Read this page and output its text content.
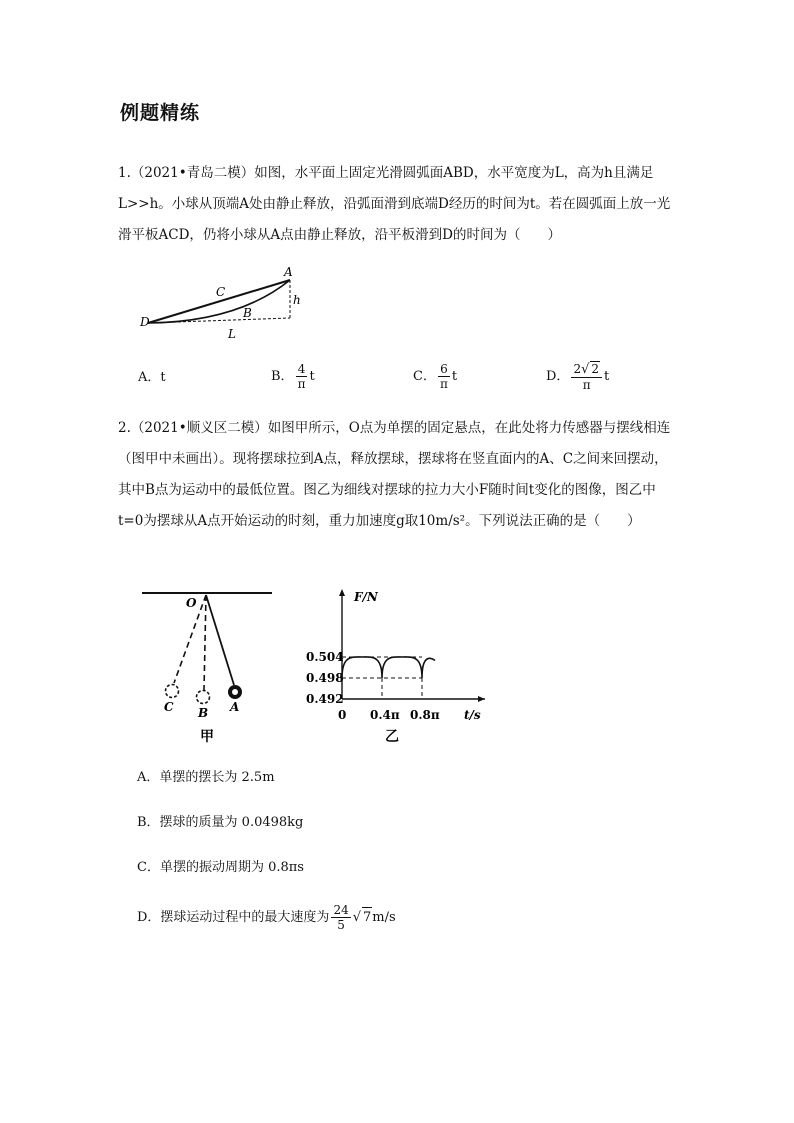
例题精练
1.（2021•青岛二模）如图，水平面上固定光滑圆弧面ABD，水平宽度为L，高为h且满足L>>h。小球从顶端A处由静止释放，沿弧面滑到底端D经历的时间为t。若在圆弧面上放一光滑平板ACD，仍将小球从A点由静止释放，沿平板滑到D的时间为（　　）
A
C
B
D
h
L
A． t	B． $\frac{4}{\pi}$ t	C． $\frac{6}{\pi}$ t	D． $\frac{2√ 2}{\pi}$ t
2.（2021•顺义区二模）如图甲所示，O点为单摆的固定悬点，在此处将力传感器与摆线相连（图甲中未画出）。现将摆球拉到A点，释放摆球，摆球将在竖直面内的A、C之间来回摆动，其中B点为运动中的最低位置。图乙为细线对摆球的拉力大小F随时间t变化的图像，图乙中t=0为摆球从A点开始运动的时刻，重力加速度g取10m/s²。下列说法正确的是（　　）
O
C B A
甲
F/N
t/s
0
0.492
0.498
0.504
0.4π 0.8π
乙
A．单摆的摆长为 2.5m
B．摆球的质量为 0.0498kg
C．单摆的振动周期为 0.8πs
D．摆球运动过程中的最大速度为 $\frac{24}{5}$ √ 7 m/s
